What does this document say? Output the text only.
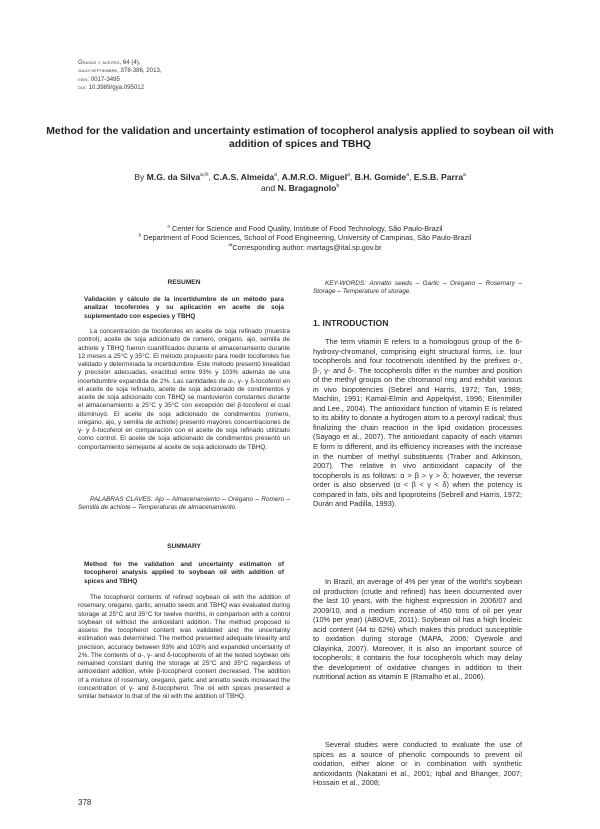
Grasas y aceites, 64 (4),
julio-septiembre, 378-386, 2013,
issn: 0017-3495
doi: 10.3989/gya.095012
Method for the validation and uncertainty estimation of tocopherol analysis applied to soybean oil with addition of spices and TBHQ
By M.G. da Silva$^{a,✉}$, C.A.S. Almeida$^a$, A.M.R.O. Miguel$^a$, B.H. Gomide$^a$, E.S.B. Parra$^a$
and N. Bragagnolo$^b$
$^a$ Center for Science and Food Quality, Institute of Food Technology, São Paulo-Brazil
$^b$ Department of Food Sciences, School of Food Engineering, University of Campinas, São Paulo-Brazil
✉Corresponding author: martags@ital.sp.gov.br
RESUMEN
Validación y cálculo de la incertidumbre de un método para analizar tocoferoles y su aplicación en aceite de soja suplementado con especies y TBHQ

La concentración de tocoferoles en aceite de soja refinado (muestra control), aceite de soja adicionado de romero, orégano, ajo, semilla de achiote y TBHQ fueron cuantificados durante el almacenamiento durante 12 meses a 25°C y 35°C. El método propuesto para medir tocoferoles fue validado y determinada la incertidumbre. Este método presentó linealidad y precisión adecuadas, exactitud entre 93% y 103% además de una incertidumbre expandida de 2%. Las cantidades de α-, γ- y δ-tocoferol en el aceite de soja refinado, aceite de soja adicionado de condimentos y aceite de soja adicionado con TBHQ se mantuvieron constantes durante el almacenamiento a 25°C y 35°C con excepción del β-tocoferol el cual disminuyó. El aceite de soja adicionado de condimentos (romero, orégano, ajo, y semilla de achiote) presentó mayores concentraciones de γ- y δ-tocoferol en comparación con el aceite de soja refinado utilizado como control. El aceite de soja adicionado de condimentos presentó un comportamiento semejante al aceite de soja adicionado de TBHQ.

PALABRAS CLAVES: Ajo – Almacenamiento – Orégano – Romero – Semilla de achiote – Temperaturas de almacenamiento.
SUMMARY
Method for the validation and uncertainty estimation of tocopherol analysis applied to soybean oil with addition of spices and TBHQ

The tocopherol contents of refined soybean oil with the addition of rosemary, oregano, garlic, annatto seeds and TBHQ was evaluated during storage at 25°C and 35°C for twelve months, in comparison with a control soybean oil without the antioxidant addition. The method proposed to assess the tocopherol content was validated and the uncertainty estimation was determined. The method presented adequate linearity and precision, accuracy between 93% and 103% and expanded uncertainty of 2%. The contents of α-, γ- and δ-tocopherols of all the tested soybean oils remained constant during the storage at 25°C and 35°C regardless of antioxidant addition, while β-tocopherol content decreased. The addition of a mixture of rosemary, oregano, garlic and annatto seeds increased the concentration of γ- and δ-tocopherol. The oil with spices presented a similar behavior to that of the oil with the addition of TBHQ.

KEY-WORDS: Annatto seeds – Garlic – Oregano – Rosemary – Storage – Temperature of storage.
1. INTRODUCTION

The term vitamin E refers to a homologous group of the 6-hydroxy-chromanol, comprising eight structural forms, i.e. four tocopherols and four tocotrienols identified by the prefixes α-, β-, γ- and δ-. The tocopherols differ in the number and position of the methyl groups on the chromanol ring and exhibit various in vivo biopotencies (Sebrel and Harris, 1972; Tan, 1989; Machlin, 1991; Kamal-Elmin and Appelqvist, 1996; Eitenmiller and Lee., 2004). The antioxidant function of vitamin E is related to its ability to donate a hydrogen atom to a peroxyl radical; thus finalizing the chain reaction in the lipid oxidation processes (Sayago et al., 2007). The antioxidant capacity of each vitamin E form is different, and its efficiency increases with the increase in the number of methyl substituents (Traber and Atkinson, 2007). The relative in vivo antioxidant capacity of the tocopherols is as follows: α > β > γ > δ; however, the reverse order is also observed (α < β < γ < δ) when the potency is compared in fats, oils and lipoproteins (Sebrell and Harris, 1972; Durán and Padilla, 1993).

In Brazil, an average of 4% per year of the world's soybean oil production (crude and refined) has been documented over the last 10 years, with the highest expression in 2006/07 and 2009/10, and a medium increase of 450 tons of oil per year (10% per year) (ABIOVE, 2011). Soybean oil has a high linoleic acid content (44 to 62%) which makes this product susceptible to oxidation during storage (MAPA, 2006; Oyewole and Olayinka, 2007). Moreover, it is also an important source of tocopherols; it contains the four tocopherols which may delay the development of oxidative changes in addition to their nutritional action as vitamin E (Ramalho et al., 2006).

Several studies were conducted to evaluate the use of spices as a source of phenolic compounds to prevent oil oxidation, either alone or in combination with synthetic antioxidants (Nakatani et al., 2001; Iqbal and Bhanger, 2007; Hossain et al., 2008;

378
